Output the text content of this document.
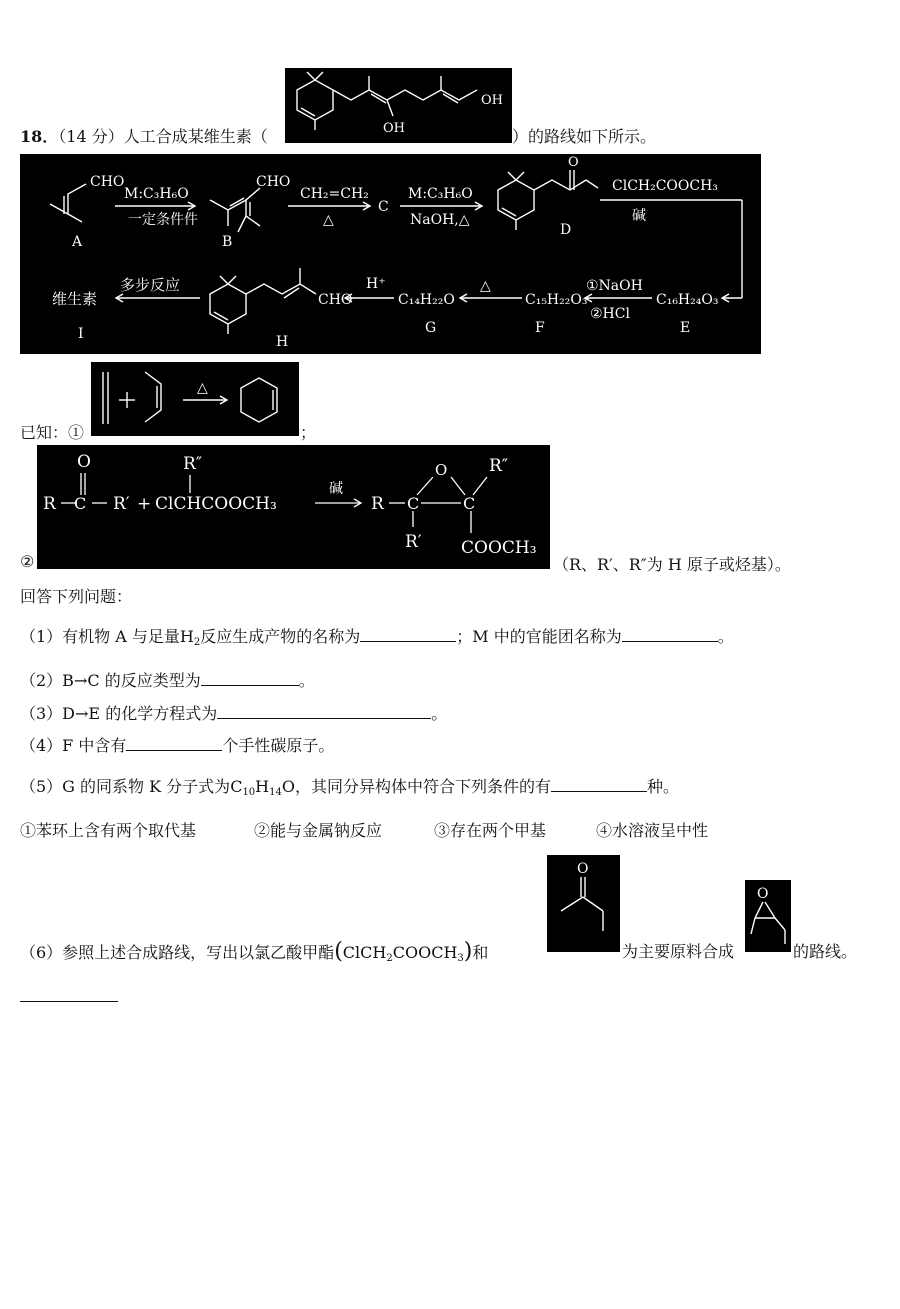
18．（14 分）人工合成某维生素（	）的路线如下所示。
OH
OH
CHO
A
M:C₃H₆O
一定条件件
CHO
B
CH₂=CH₂
△
C
M:C₃H₆O
NaOH,△
O
D
ClCH₂COOCH₃
碱
C₁₆H₂₄O₃
E
①NaOH
②HCl
C₁₅H₂₂O₃
F
△
C₁₄H₂₂O
G
H⁺
CHO
H
多步反应
维生素
I
已知：①
△
；
②
O
R C R′ + ClCHCOOCH₃
R″
碱
R C	C
O R″
R′ COOCH₃
（R、R′、R″为 H 原子或烃基）。
回答下列问题：
（1）有机物 A 与足量$H_2$反应生成产物的名称为	；M 中的官能团名称为	。
（2）B→C 的反应类型为	。
（3）D→E 的化学方程式为	。
（4）F 中含有	个手性碳原子。
（5）G 的同系物 K 分子式为$C_{10}H_{14}O$，其同分异构体中符合下列条件的有	种。
①苯环上含有两个取代基	②能与金属钠反应	③存在两个甲基	④水溶液呈中性
（6）参照上述合成路线，写出以氯乙酸甲酯$(ClCH_2COOCH_3)$和
O
为主要原料合成
O
的路线。
